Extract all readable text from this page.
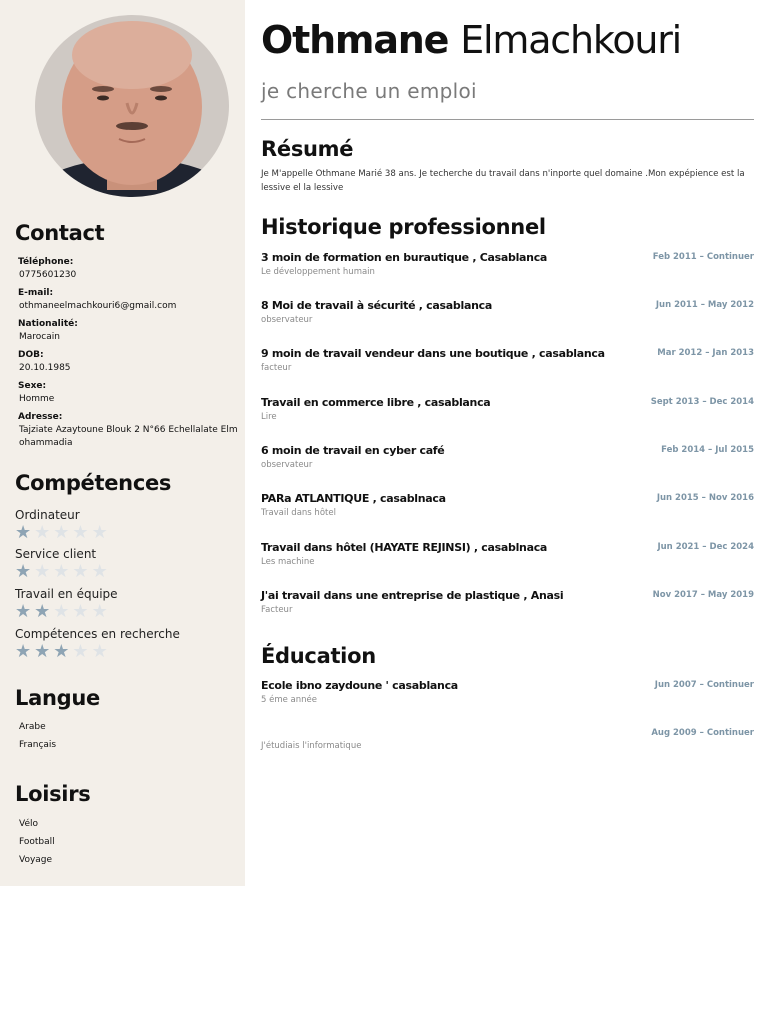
Contact
Téléphone:
0775601230
E-mail:
othmaneelmachkouri6@gmail.com
Nationalité:
Marocain
DOB:
20.10.1985
Sexe:
Homme
Adresse:
Tajziate Azaytoune Blouk 2 N°66 Echellalate Elm ohammadia
Compétences
Ordinateur
★★★★★
Service client
★★★★★
Travail en équipe
★★★★★
Compétences en recherche
★★★★★
Langue
Arabe
Français
Loisirs
Vélo
Football
Voyage
Othmane Elmachkouri

je cherche un emploi

Résumé
Je M'appelle Othmane Marié 38 ans. Je techerche du travail dans n'inporte quel domaine .Mon expépience est la lessive el la lessive
Historique professionnel
3 moin de formation en burautique , Casablanca	Feb 2011 – Continuer
Le développement humain
8 Moi de travail à sécurité , casablanca	Jun 2011 – May 2012
observateur
9 moin de travail vendeur dans une boutique , casablanca	Mar 2012 – Jan 2013
facteur
Travail en commerce libre , casablanca	Sept 2013 – Dec 2014
Lire
6 moin de travail en cyber café	Feb 2014 – Jul 2015
observateur
PARa ATLANTIQUE , casablnaca	Jun 2015 – Nov 2016
Travail dans hôtel
Travail dans hôtel (HAYATE REJINSI) , casablnaca	Jun 2021 – Dec 2024
Les machine
J'ai travail dans une entreprise de plastique , Anasi	Nov 2017 – May 2019
Facteur
Éducation
Ecole ibno zaydoune ' casablanca	Jun 2007 – Continuer
5 éme année
Aug 2009 – Continuer
J'étudiais l'informatique
